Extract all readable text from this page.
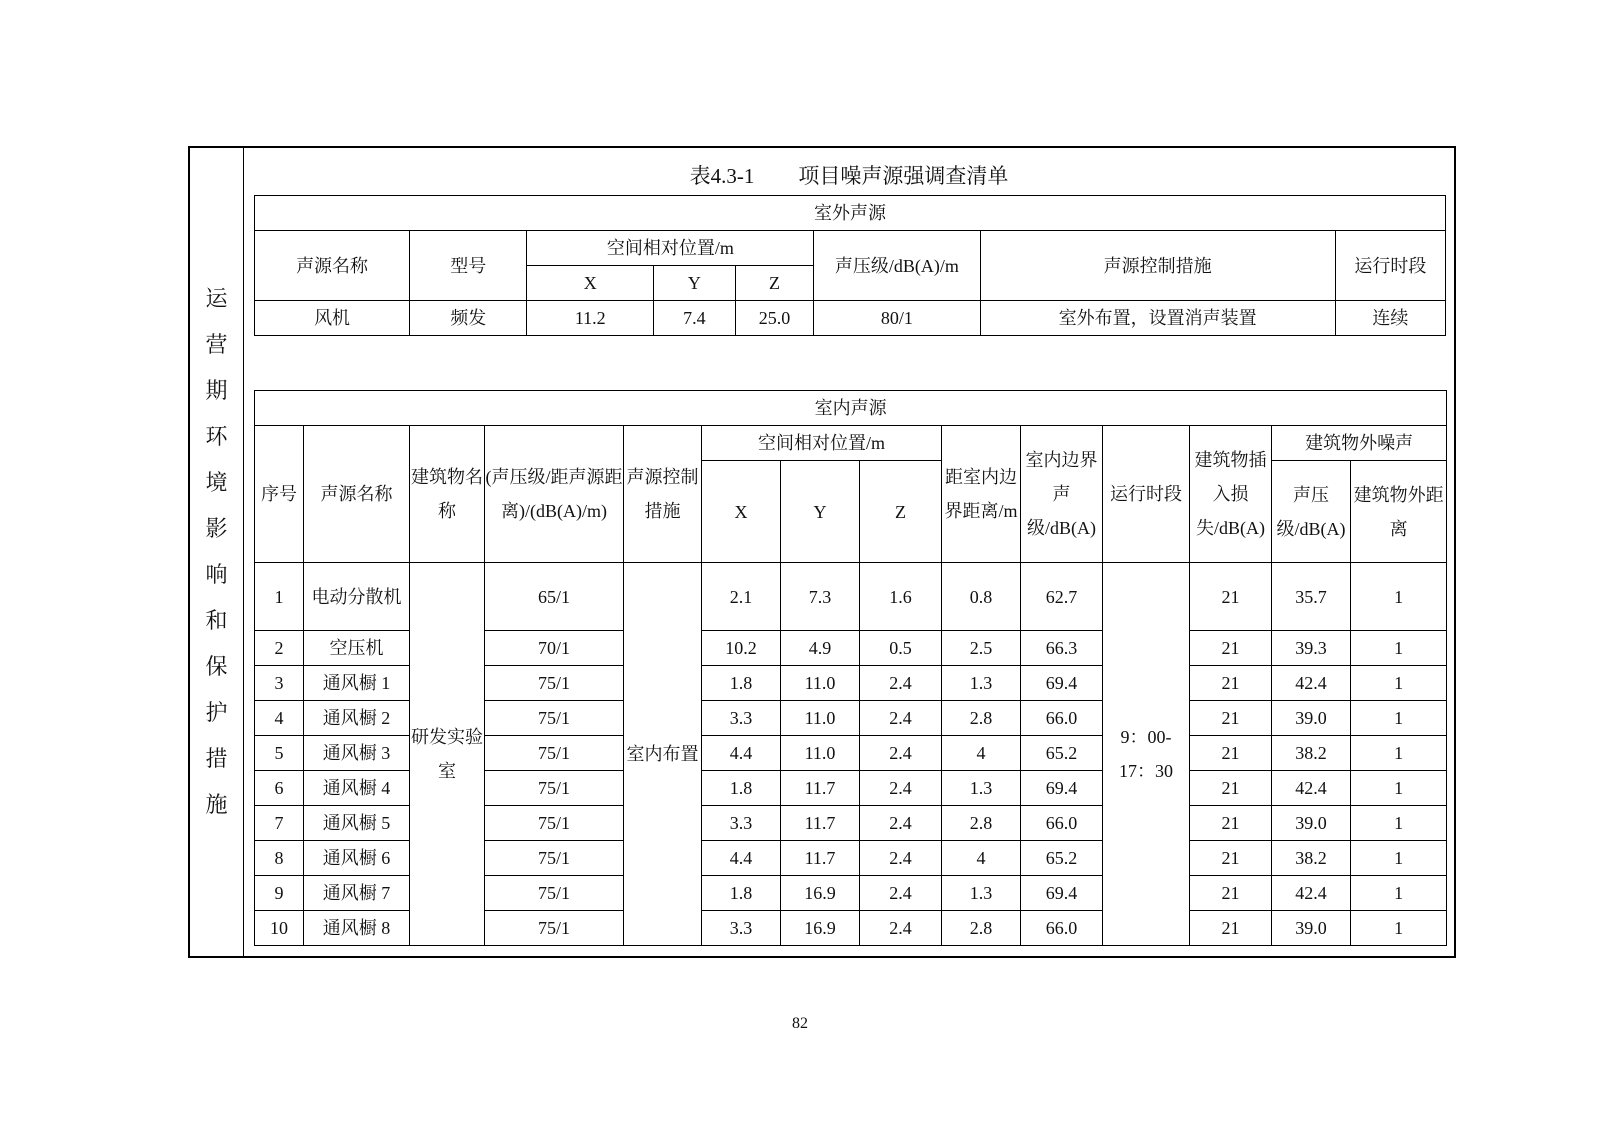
运
营
期
环
境
影
响
和
保
护
措
施
表4.3-1 项目噪声源强调查清单
室外声源							
声源名称	型号	空间相对位置/m			声压级/dB(A)/m	声源控制措施	运行时段
		X	Y	Z			
风机	频发	11.2	7.4	25.0	80/1	室外布置，设置消声装置	连续
室内声源													
序号	声源名称	建筑物名称	(声压级/距声源距离)/(dB(A)/m)	声源控制措施	空间相对位置/m			距室内边界距离/m	室内边界声级/dB(A)	运行时段	建筑物插入损失/dB(A)	建筑物外噪声	
					X	Y	Z					声压级/dB(A)	建筑物外距离
1	电动分散机	研发实验室	65/1	室内布置	2.1	7.3	1.6	0.8	62.7	9：00-17：30	21	35.7	1
2	空压机		70/1		10.2	4.9	0.5	2.5	66.3		21	39.3	1
3	通风橱 1		75/1		1.8	11.0	2.4	1.3	69.4		21	42.4	1
4	通风橱 2		75/1		3.3	11.0	2.4	2.8	66.0		21	39.0	1
5	通风橱 3		75/1		4.4	11.0	2.4	4	65.2		21	38.2	1
6	通风橱 4		75/1		1.8	11.7	2.4	1.3	69.4		21	42.4	1
7	通风橱 5		75/1		3.3	11.7	2.4	2.8	66.0		21	39.0	1
8	通风橱 6		75/1		4.4	11.7	2.4	4	65.2		21	38.2	1
9	通风橱 7		75/1		1.8	16.9	2.4	1.3	69.4		21	42.4	1
10	通风橱 8		75/1		3.3	16.9	2.4	2.8	66.0		21	39.0	1
82
